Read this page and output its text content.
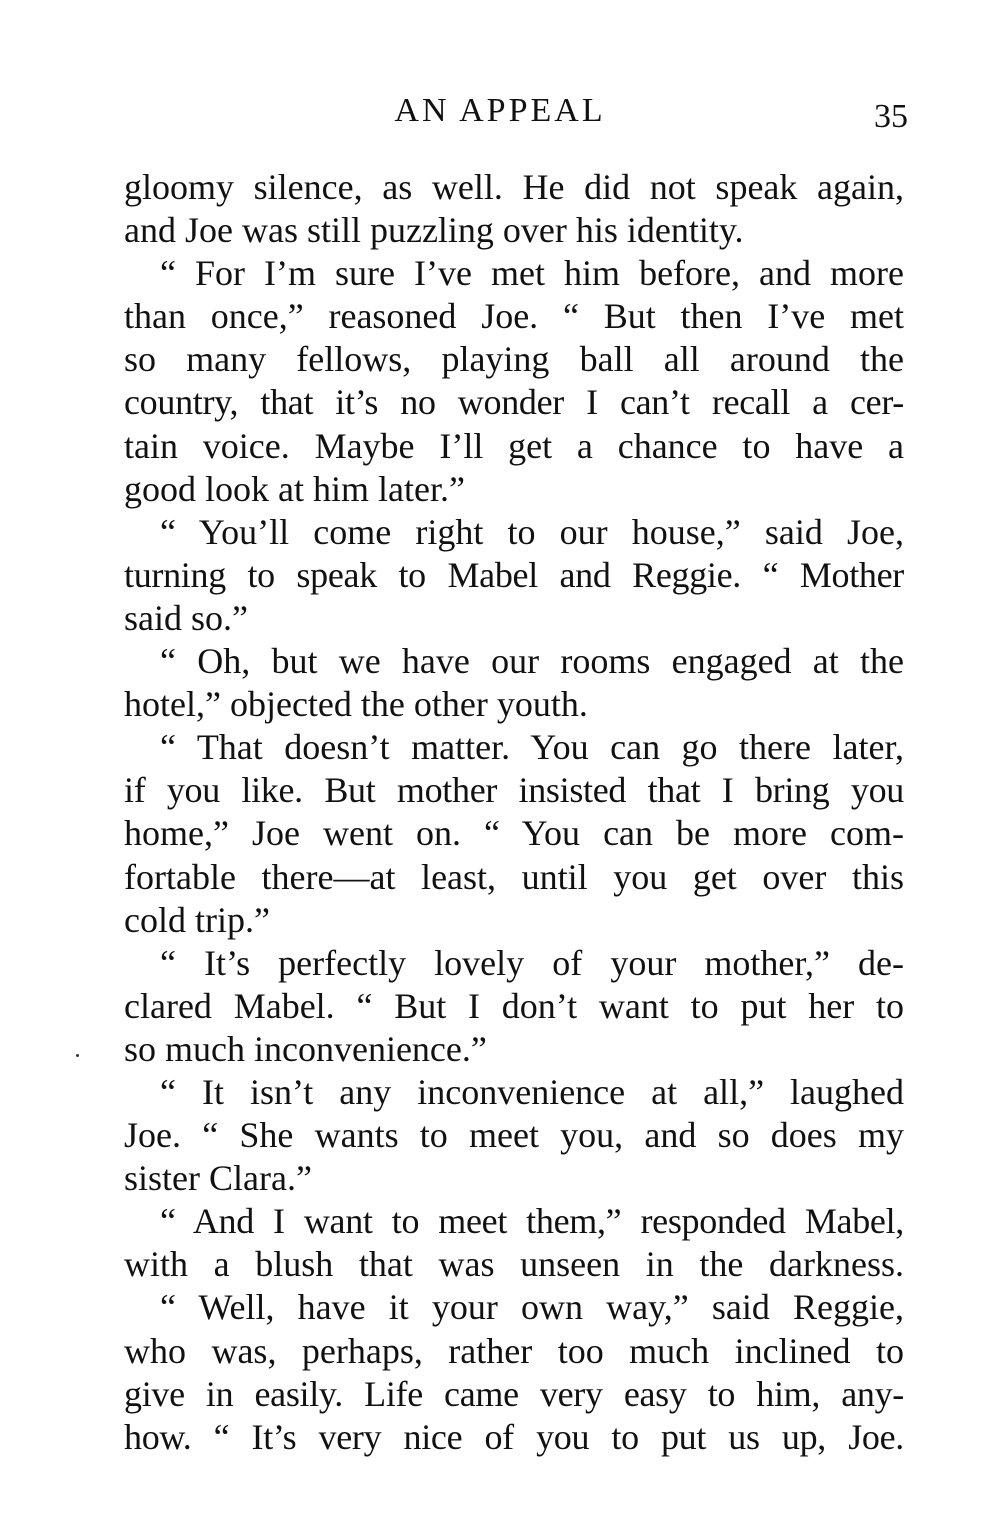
AN APPEAL	35
gloomy silence, as well. He did not speak again,
and Joe was still puzzling over his identity.
“ For I’m sure I’ve met him before, and more
than once,” reasoned Joe. “ But then I’ve met
so many fellows, playing ball all around the
country, that it’s no wonder I can’t recall a cer-
tain voice. Maybe I’ll get a chance to have a
good look at him later.”
“ You’ll come right to our house,” said Joe,
turning to speak to Mabel and Reggie. “ Mother
said so.”
“ Oh, but we have our rooms engaged at the
hotel,” objected the other youth.
“ That doesn’t matter. You can go there later,
if you like. But mother insisted that I bring you
home,” Joe went on. “ You can be more com-
fortable there—at least, until you get over this
cold trip.”
“ It’s perfectly lovely of your mother,” de-
clared Mabel. “ But I don’t want to put her to
so much inconvenience.”
“ It isn’t any inconvenience at all,” laughed
Joe. “ She wants to meet you, and so does my
sister Clara.”
“ And I want to meet them,” responded Mabel,
with a blush that was unseen in the darkness.
“ Well, have it your own way,” said Reggie,
who was, perhaps, rather too much inclined to
give in easily. Life came very easy to him, any-
how. “ It’s very nice of you to put us up, Joe.
